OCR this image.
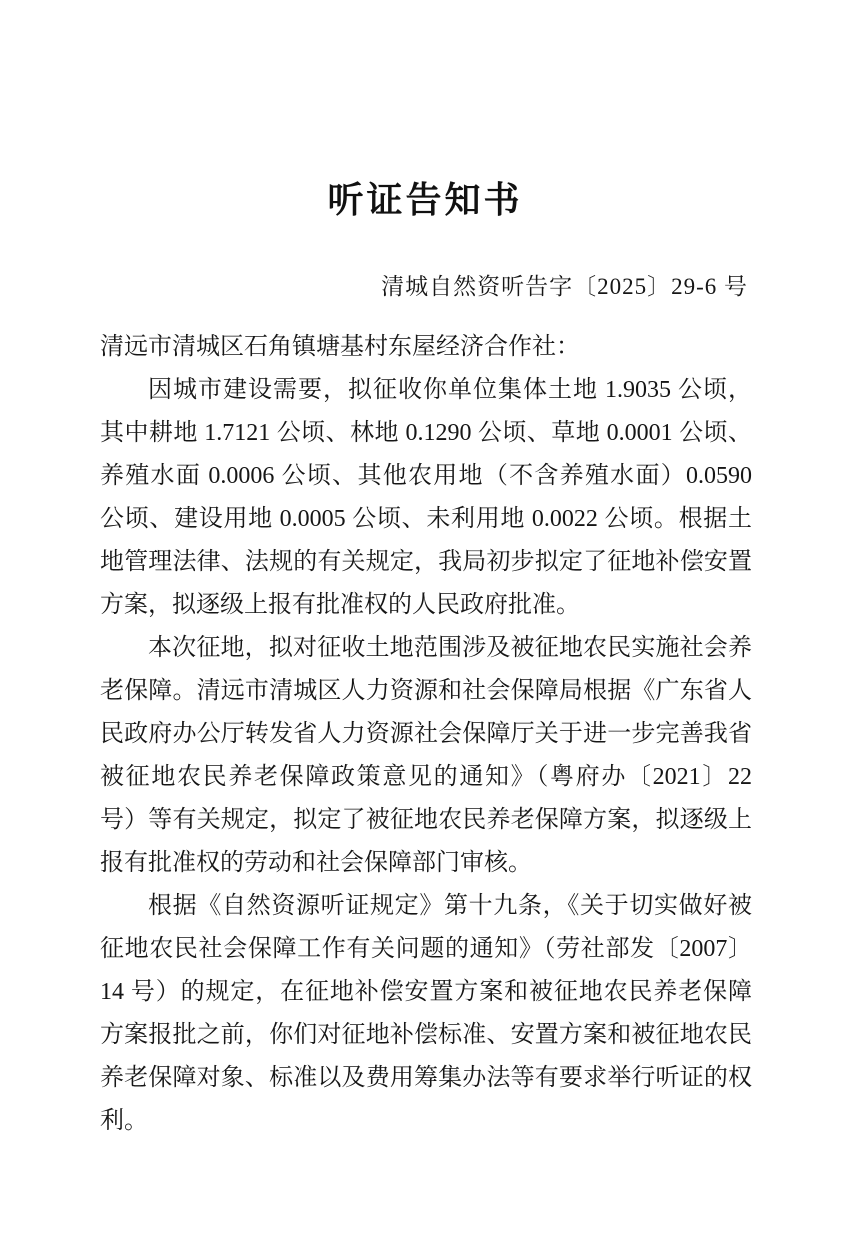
听证告知书
清城自然资听告字〔2025〕29-6 号

清远市清城区石角镇塘基村东屋经济合作社：

因城市建设需要，拟征收你单位集体土地 1.9035 公顷，其中耕地 1.7121 公顷、林地 0.1290 公顷、草地 0.0001 公顷、养殖水面 0.0006 公顷、其他农用地（不含养殖水面）0.0590 公顷、建设用地 0.0005 公顷、未利用地 0.0022 公顷。根据土地管理法律、法规的有关规定，我局初步拟定了征地补偿安置方案，拟逐级上报有批准权的人民政府批准。

本次征地，拟对征收土地范围涉及被征地农民实施社会养老保障。清远市清城区人力资源和社会保障局根据《广东省人民政府办公厅转发省人力资源社会保障厅关于进一步完善我省被征地农民养老保障政策意见的通知》（粤府办〔2021〕22 号）等有关规定，拟定了被征地农民养老保障方案，拟逐级上报有批准权的劳动和社会保障部门审核。

根据《自然资源听证规定》第十九条，《关于切实做好被征地农民社会保障工作有关问题的通知》（劳社部发〔2007〕14 号）的规定，在征地补偿安置方案和被征地农民养老保障方案报批之前，你们对征地补偿标准、安置方案和被征地农民养老保障对象、标准以及费用筹集办法等有要求举行听证的权利。
